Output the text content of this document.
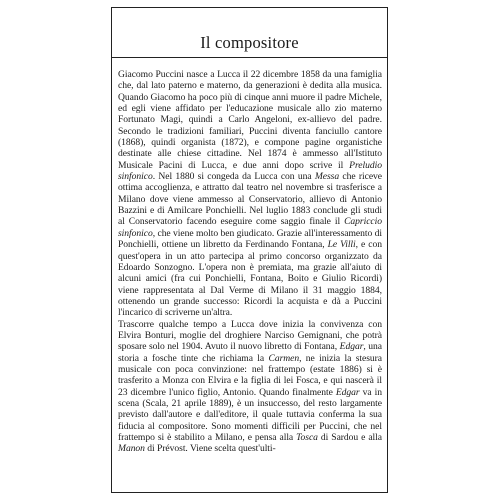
Il compositore

Giacomo Puccini nasce a Lucca il 22 dicembre 1858 da una famiglia che, dal lato paterno e materno, da generazioni è dedita alla musica. Quando Giacomo ha poco più di cinque anni muore il padre Michele, ed egli viene affidato per l'educazione musicale allo zio materno Fortunato Magi, quindi a Carlo Angeloni, ex-allievo del padre. Secondo le tradizioni familiari, Puccini diventa fanciullo cantore (1868), quindi organista (1872), e compone pagine organistiche destinate alle chiese cittadine. Nel 1874 è ammesso all'Istituto Musicale Pacini di Lucca, e due anni dopo scrive il Preludio sinfonico. Nel 1880 si congeda da Lucca con una Messa che riceve ottima accoglienza, e attratto dal teatro nel novembre si trasferisce a Milano dove viene ammesso al Conservatorio, allievo di Antonio Bazzini e di Amilcare Ponchielli. Nel luglio 1883 conclude gli studi al Conservatorio facendo eseguire come saggio finale il Capriccio sinfonico, che viene molto ben giudicato. Grazie all'interessamento di Ponchielli, ottiene un libretto da Ferdinando Fontana, Le Villi, e con quest'opera in un atto partecipa al primo concorso organizzato da Edoardo Sonzogno. L'opera non è premiata, ma grazie all'aiuto di alcuni amici (fra cui Ponchielli, Fontana, Boito e Giulio Ricordi) viene rappresentata al Dal Verme di Milano il 31 maggio 1884, ottenendo un grande successo: Ricordi la acquista e dà a Puccini l'incarico di scriverne un'altra.

Trascorre qualche tempo a Lucca dove inizia la convivenza con Elvira Bonturi, moglie del droghiere Narciso Gemignani, che potrà sposare solo nel 1904. Avuto il nuovo libretto di Fontana, Edgar, una storia a fosche tinte che richiama la Carmen, ne inizia la stesura musicale con poca convinzione: nel frattempo (estate 1886) si è trasferito a Monza con Elvira e la figlia di lei Fosca, e qui nascerà il 23 dicembre l'unico figlio, Antonio. Quando finalmente Edgar va in scena (Scala, 21 aprile 1889), è un insuccesso, del resto largamente previsto dall'autore e dall'editore, il quale tuttavia conferma la sua fiducia al compositore. Sono momenti difficili per Puccini, che nel frattempo si è stabilito a Milano, e pensa alla Tosca di Sardou e alla Manon di Prévost. Viene scelta quest'ulti-
